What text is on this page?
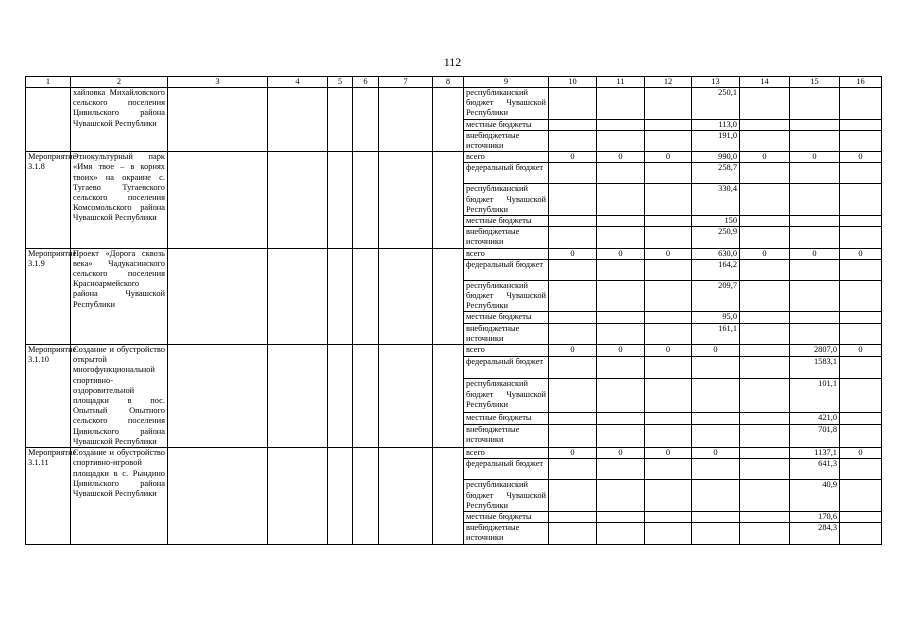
112
1	2	3	4	5	6	7	8	9	10	11	12	13	14	15	16
	хайловка Михайловского сельского поселения Цивильского района Чувашской Республики							республиканский бюджет Чувашской Республики				250,1			
								местные бюджеты				113,0			
								внебюджетные источники				191,0			
Мероприятие 3.1.8	Этнокультурный парк «Имя твое – в корнях твоих» на окраине с. Тугаево Тугаевского сельского поселения Комсомольского района Чувашской Республики							всего	0	0	0	990,0	0	0	0
								федеральный бюджет				258,7			
								республиканский бюджет Чувашской Республики				330,4			
								местные бюджеты				150			
								внебюджетные источники				250,9			
Мероприятие 3.1.9	Проект «Дорога сквозь века» Чадукасинского сельского поселения Красноармейского района Чувашской Республики							всего	0	0	0	630,0	0	0	0
								федеральный бюджет				164,2			
								республиканский бюджет Чувашской Республики				209,7			
								местные бюджеты				95,0			
								внебюджетные источники				161,1			
Мероприятие 3.1.10	Создание и обустройство открытой многофункциональной спортивно-оздоровительной площадки в пос. Опытный Опытного сельского поселения Цивильского района Чувашской Республики							всего	0	0	0	0		2807,0	0
								федеральный бюджет						1583,1	
								республиканский бюджет Чувашской Республики						101,1	
								местные бюджеты						421,0	
								внебюджетные источники						701,8	
Мероприятие 3.1.11	Создание и обустройство спортивно-игровой площадки в с. Рындино Цивильского района Чувашской Республики							всего	0	0	0	0		1137,1	0
								федеральный бюджет						641,3	
								республиканский бюджет Чувашской Республики						40,9	
								местные бюджеты						170,6	
								внебюджетные источники						284,3	
